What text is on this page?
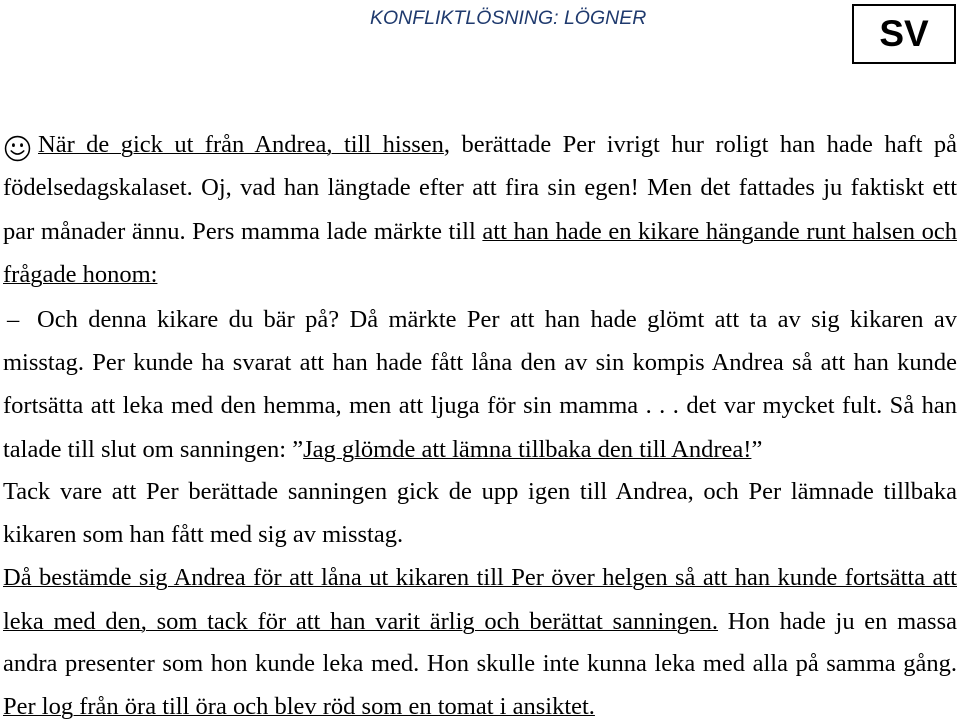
KONFLIKTLÖSNING: LÖGNER	SV
När de gick ut från Andrea, till hissen, berättade Per ivrigt hur roligt han hade haft på
födelsedagskalaset. Oj, vad han längtade efter att fira sin egen! Men det fattades ju faktiskt ett
par månader ännu. Pers mamma lade märkte till att han hade en kikare hängande runt halsen och
frågade honom:
– Och denna kikare du bär på? Då märkte Per att han hade glömt att ta av sig kikaren av
misstag. Per kunde ha svarat att han hade fått låna den av sin kompis Andrea så att han kunde
fortsätta att leka med den hemma, men att ljuga för sin mamma . . . det var mycket fult. Så han
talade till slut om sanningen: ”Jag glömde att lämna tillbaka den till Andrea!”
Tack vare att Per berättade sanningen gick de upp igen till Andrea, och Per lämnade tillbaka
kikaren som han fått med sig av misstag.
Då bestämde sig Andrea för att låna ut kikaren till Per över helgen så att han kunde fortsätta att
leka med den, som tack för att han varit ärlig och berättat sanningen. Hon hade ju en massa
andra presenter som hon kunde leka med. Hon skulle inte kunna leka med alla på samma gång.
Per log från öra till öra och blev röd som en tomat i ansiktet.
